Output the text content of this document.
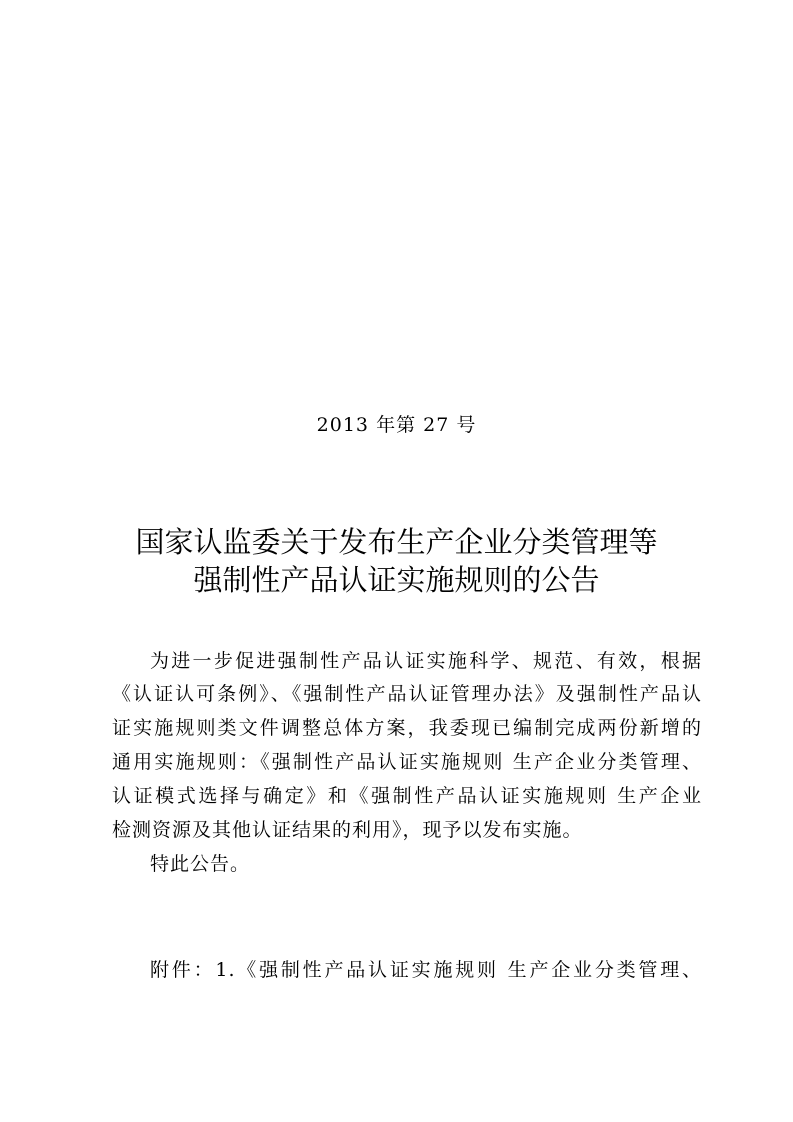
2013 年第 27 号
国家认监委关于发布生产企业分类管理等
强制性产品认证实施规则的公告
为进一步促进强制性产品认证实施科学、规范、有效，根据
《认证认可条例》、《强制性产品认证管理办法》及强制性产品认
证实施规则类文件调整总体方案，我委现已编制完成两份新增的
通用实施规则：《强制性产品认证实施规则 生产企业分类管理、
认证模式选择与确定》和《强制性产品认证实施规则 生产企业
检测资源及其他认证结果的利用》，现予以发布实施。
特此公告。
附件：1.《强制性产品认证实施规则 生产企业分类管理、
